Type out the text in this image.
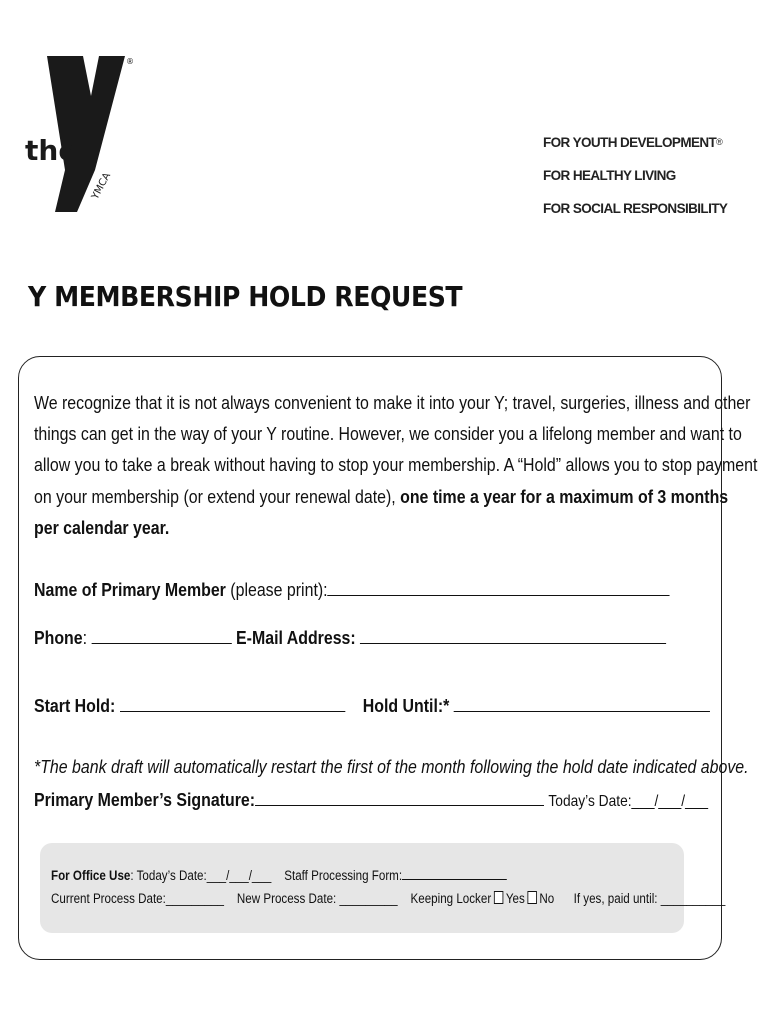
the
YMCA
®
FOR YOUTH DEVELOPMENT®
FOR HEALTHY LIVING
FOR SOCIAL RESPONSIBILITY
Y MEMBERSHIP HOLD REQUEST
We recognize that it is not always convenient to make it into your Y; travel, surgeries, illness and other
things can get in the way of your Y routine. However, we consider you a lifelong member and want to
allow you to take a break without having to stop your membership. A “Hold” allows you to stop payment
on your membership (or extend your renewal date), one time a year for a maximum of 3 months
per calendar year.
Name of Primary Member (please print):
Phone:	E-Mail Address:
Start Hold:	Hold Until:*
*The bank draft will automatically restart the first of the month following the hold date indicated above.
Primary Member’s Signature:	Today’s Date:___/___/___
For Office Use: Today’s Date:___/___/___ Staff Processing Form:
Current Process Date:_________ New Process Date: _________ Keeping Locker Yes No If yes, paid until: __________
